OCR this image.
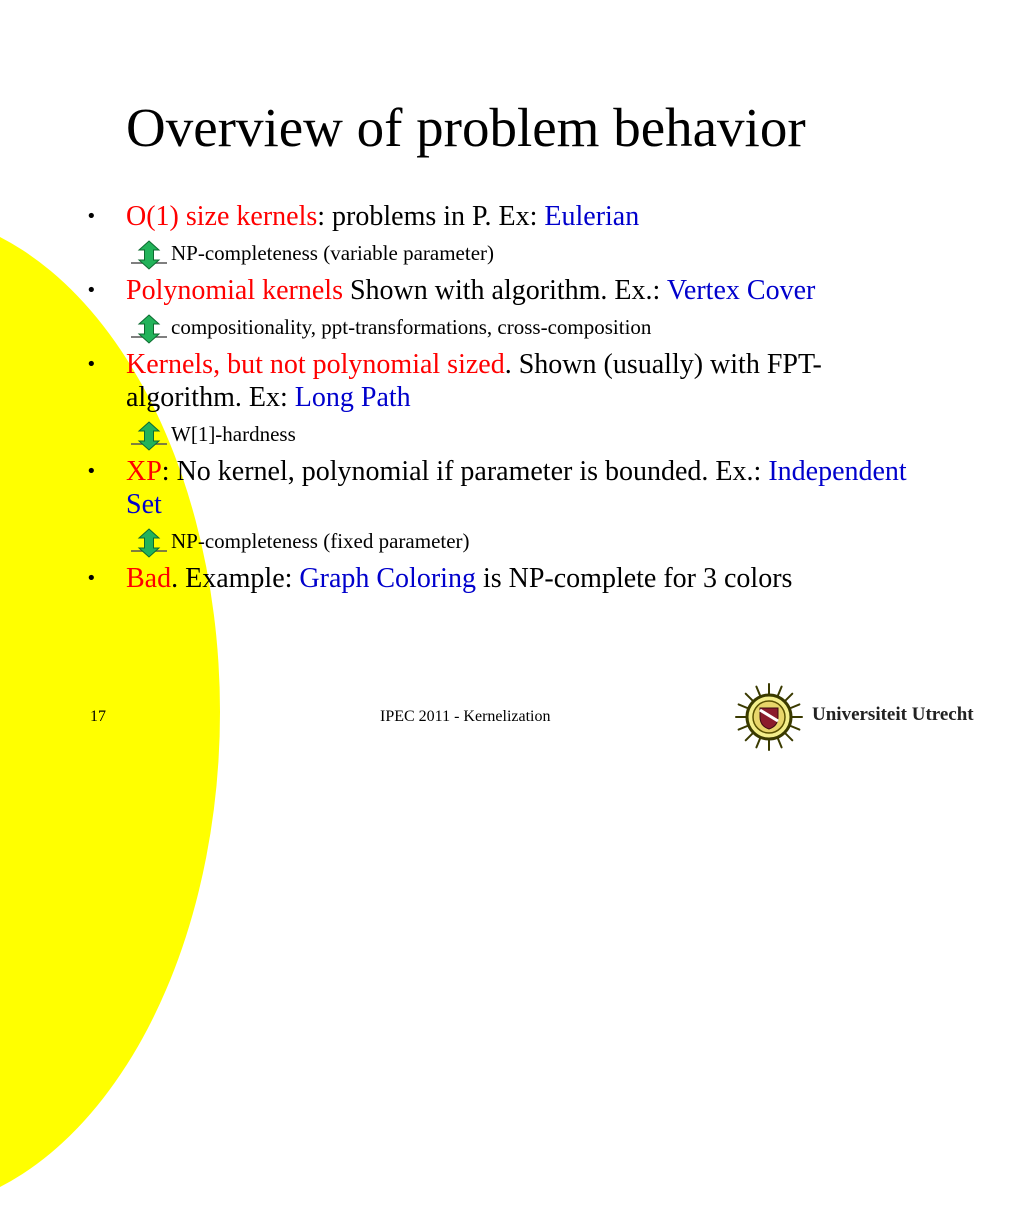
Overview of problem behavior
• O(1) size kernels: problems in P. Ex: Eulerian
NP-completeness (variable parameter)
• Polynomial kernels Shown with algorithm. Ex.: Vertex Cover
compositionality, ppt-transformations, cross-composition
• Kernels, but not polynomial sized. Shown (usually) with FPT-algorithm. Ex: Long Path
W[1]-hardness
• XP: No kernel, polynomial if parameter is bounded. Ex.: Independent Set
NP-completeness (fixed parameter)
• Bad. Example: Graph Coloring is NP-complete for 3 colors
17	IPEC 2011 - Kernelization	Universiteit Utrecht
